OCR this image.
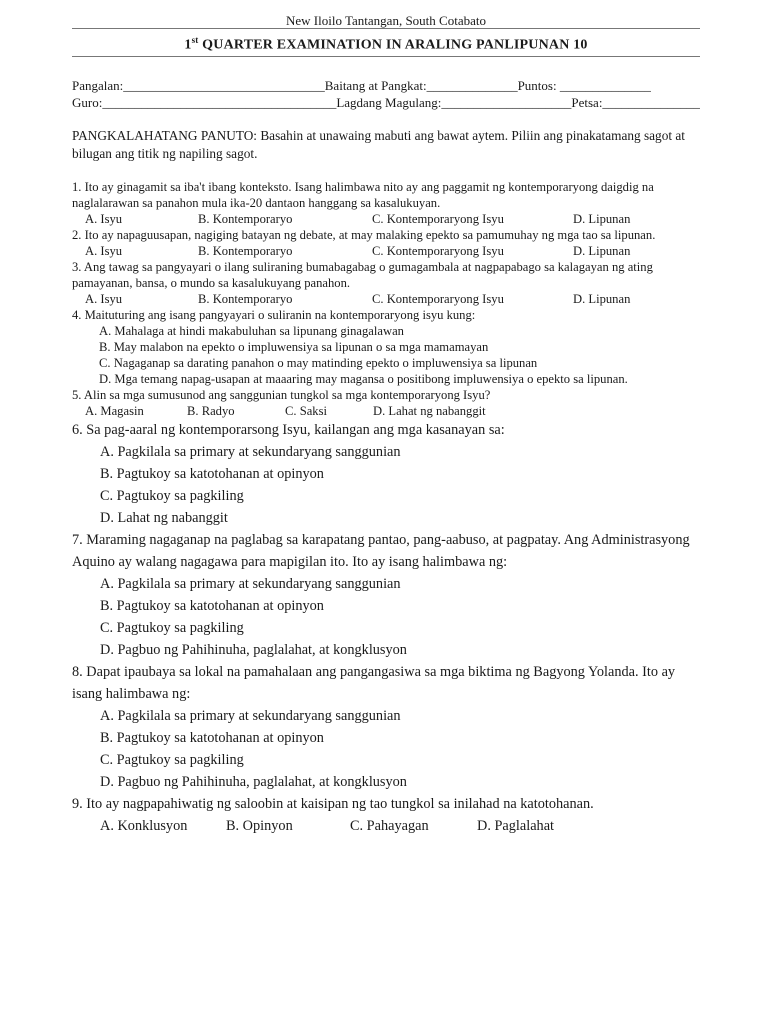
New Iloilo Tantangan, South Cotabato
1st QUARTER EXAMINATION IN ARALING PANLIPUNAN 10
Pangalan:_______________________________Baitang at Pangkat:______________Puntos: ______________
Guro:____________________________________Lagdang Magulang:____________________Petsa:_______________
PANGKALAHATANG PANUTO: Basahin at unawaing mabuti ang bawat aytem. Piliin ang pinakatamang sagot at bilugan ang titik ng napiling sagot.
1. Ito ay ginagamit sa iba't ibang konteksto. Isang halimbawa nito ay ang paggamit ng kontemporaryong daigdig na naglalarawan sa panahon mula ika-20 dantaon hanggang sa kasalukuyan.
A. Isyu	B. Kontemporaryo	C. Kontemporaryong Isyu	D. Lipunan
2. Ito ay napaguusapan, nagiging batayan ng debate, at may malaking epekto sa pamumuhay ng mga tao sa lipunan.
A. Isyu	B. Kontemporaryo	C. Kontemporaryong Isyu	D. Lipunan
3. Ang tawag sa pangyayari o ilang suliraning bumabagabag o gumagambala at nagpapabago sa kalagayan ng ating pamayanan, bansa, o mundo sa kasalukuyang panahon.
A. Isyu	B. Kontemporaryo	C. Kontemporaryong Isyu	D. Lipunan
4. Maituturing ang isang pangyayari o suliranin na kontemporaryong isyu kung:
A. Mahalaga at hindi makabuluhan sa lipunang ginagalawan
B. May malabon na epekto o impluwensiya sa lipunan o sa mga mamamayan
C. Nagaganap sa darating panahon o may matinding epekto o impluwensiya sa lipunan
D. Mga temang napag-usapan at maaaring may magansa o positibong impluwensiya o epekto sa lipunan.
5. Alin sa mga sumusunod ang sanggunian tungkol sa mga kontemporaryong Isyu?
A. Magasin	B. Radyo	C. Saksi	D. Lahat ng nabanggit
6. Sa pag-aaral ng kontemporarsong Isyu, kailangan ang mga kasanayan sa:
A. Pagkilala sa primary at sekundaryang sanggunian
B. Pagtukoy sa katotohanan at opinyon
C. Pagtukoy sa pagkiling
D. Lahat ng nabanggit
7. Maraming nagaganap na paglabag sa karapatang pantao, pang-aabuso, at pagpatay. Ang Administrasyong Aquino ay walang nagagawa para mapigilan ito. Ito ay isang halimbawa ng:
A. Pagkilala sa primary at sekundaryang sanggunian
B. Pagtukoy sa katotohanan at opinyon
C. Pagtukoy sa pagkiling
D. Pagbuo ng Pahihinuha, paglalahat, at kongklusyon
8. Dapat ipaubaya sa lokal na pamahalaan ang pangangasiwa sa mga biktima ng Bagyong Yolanda. Ito ay isang halimbawa ng:
A. Pagkilala sa primary at sekundaryang sanggunian
B. Pagtukoy sa katotohanan at opinyon
C. Pagtukoy sa pagkiling
D. Pagbuo ng Pahihinuha, paglalahat, at kongklusyon
9. Ito ay nagpapahiwatig ng saloobin at kaisipan ng tao tungkol sa inilahad na katotohanan.
A. Konklusyon	B. Opinyon	C. Pahayagan	D. Paglalahat
